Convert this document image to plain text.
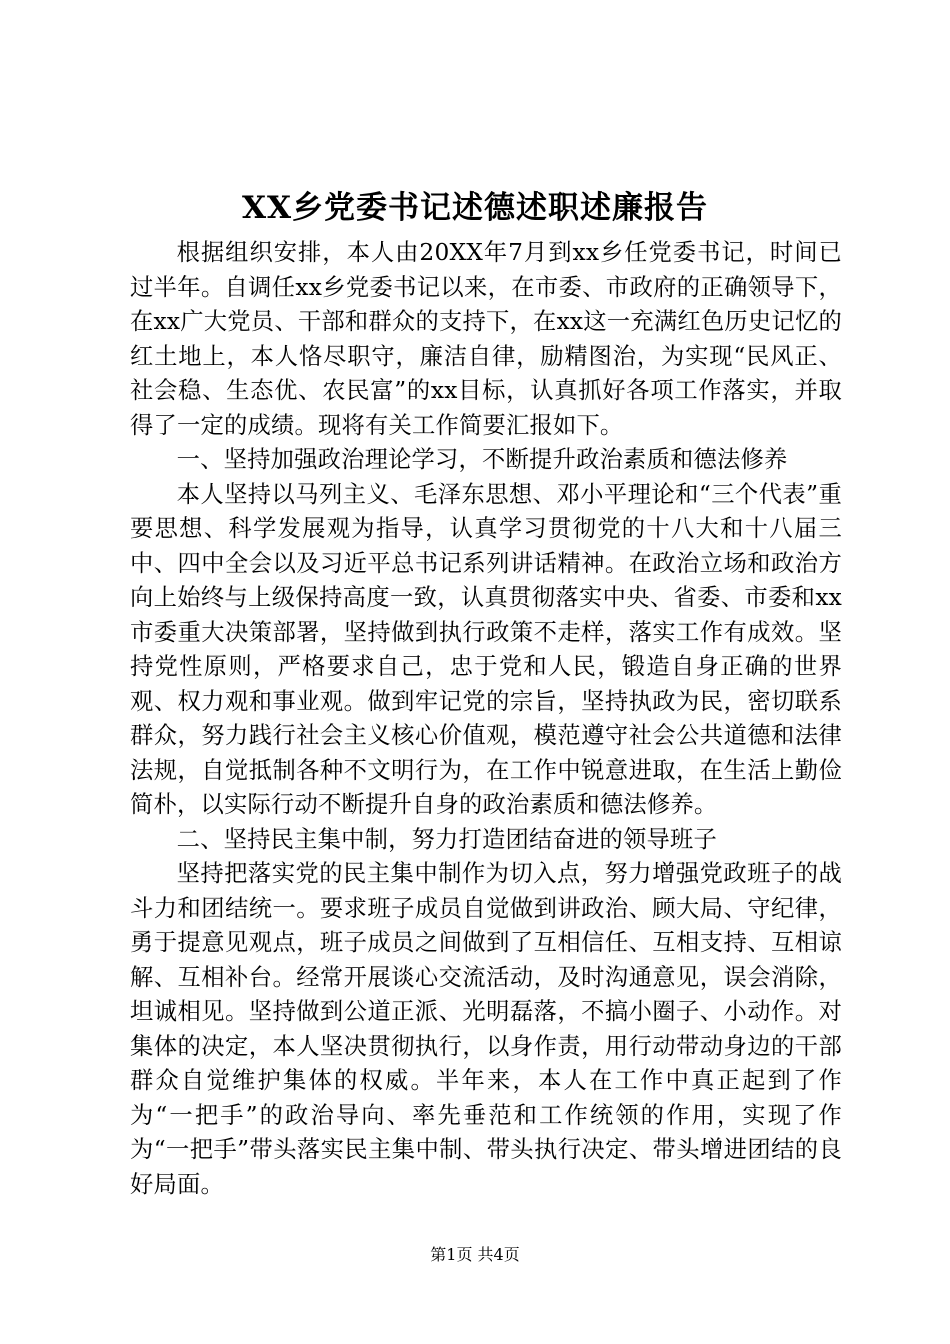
XX乡党委书记述德述职述廉报告

根据组织安排，本人由20XX年7月到xx乡任党委书记，时间已过半年。自调任xx乡党委书记以来，在市委、市政府的正确领导下，在xx广大党员、干部和群众的支持下，在xx这一充满红色历史记忆的红土地上，本人恪尽职守，廉洁自律，励精图治，为实现“民风正、社会稳、生态优、农民富”的xx目标，认真抓好各项工作落实，并取得了一定的成绩。现将有关工作简要汇报如下。

一、坚持加强政治理论学习，不断提升政治素质和德法修养

本人坚持以马列主义、毛泽东思想、邓小平理论和“三个代表”重要思想、科学发展观为指导，认真学习贯彻党的十八大和十八届三中、四中全会以及习近平总书记系列讲话精神。在政治立场和政治方向上始终与上级保持高度一致，认真贯彻落实中央、省委、市委和xx市委重大决策部署，坚持做到执行政策不走样，落实工作有成效。坚持党性原则，严格要求自己，忠于党和人民，锻造自身正确的世界观、权力观和事业观。做到牢记党的宗旨，坚持执政为民，密切联系群众，努力践行社会主义核心价值观，模范遵守社会公共道德和法律法规，自觉抵制各种不文明行为，在工作中锐意进取，在生活上勤俭简朴，以实际行动不断提升自身的政治素质和德法修养。

二、坚持民主集中制，努力打造团结奋进的领导班子

坚持把落实党的民主集中制作为切入点，努力增强党政班子的战斗力和团结统一。要求班子成员自觉做到讲政治、顾大局、守纪律，勇于提意见观点，班子成员之间做到了互相信任、互相支持、互相谅解、互相补台。经常开展谈心交流活动，及时沟通意见，误会消除，坦诚相见。坚持做到公道正派、光明磊落，不搞小圈子、小动作。对集体的决定，本人坚决贯彻执行，以身作责，用行动带动身边的干部群众自觉维护集体的权威。半年来，本人在工作中真正起到了作为“一把手”的政治导向、率先垂范和工作统领的作用，实现了作为“一把手”带头落实民主集中制、带头执行决定、带头增进团结的良好局面。

第1页 共4页
